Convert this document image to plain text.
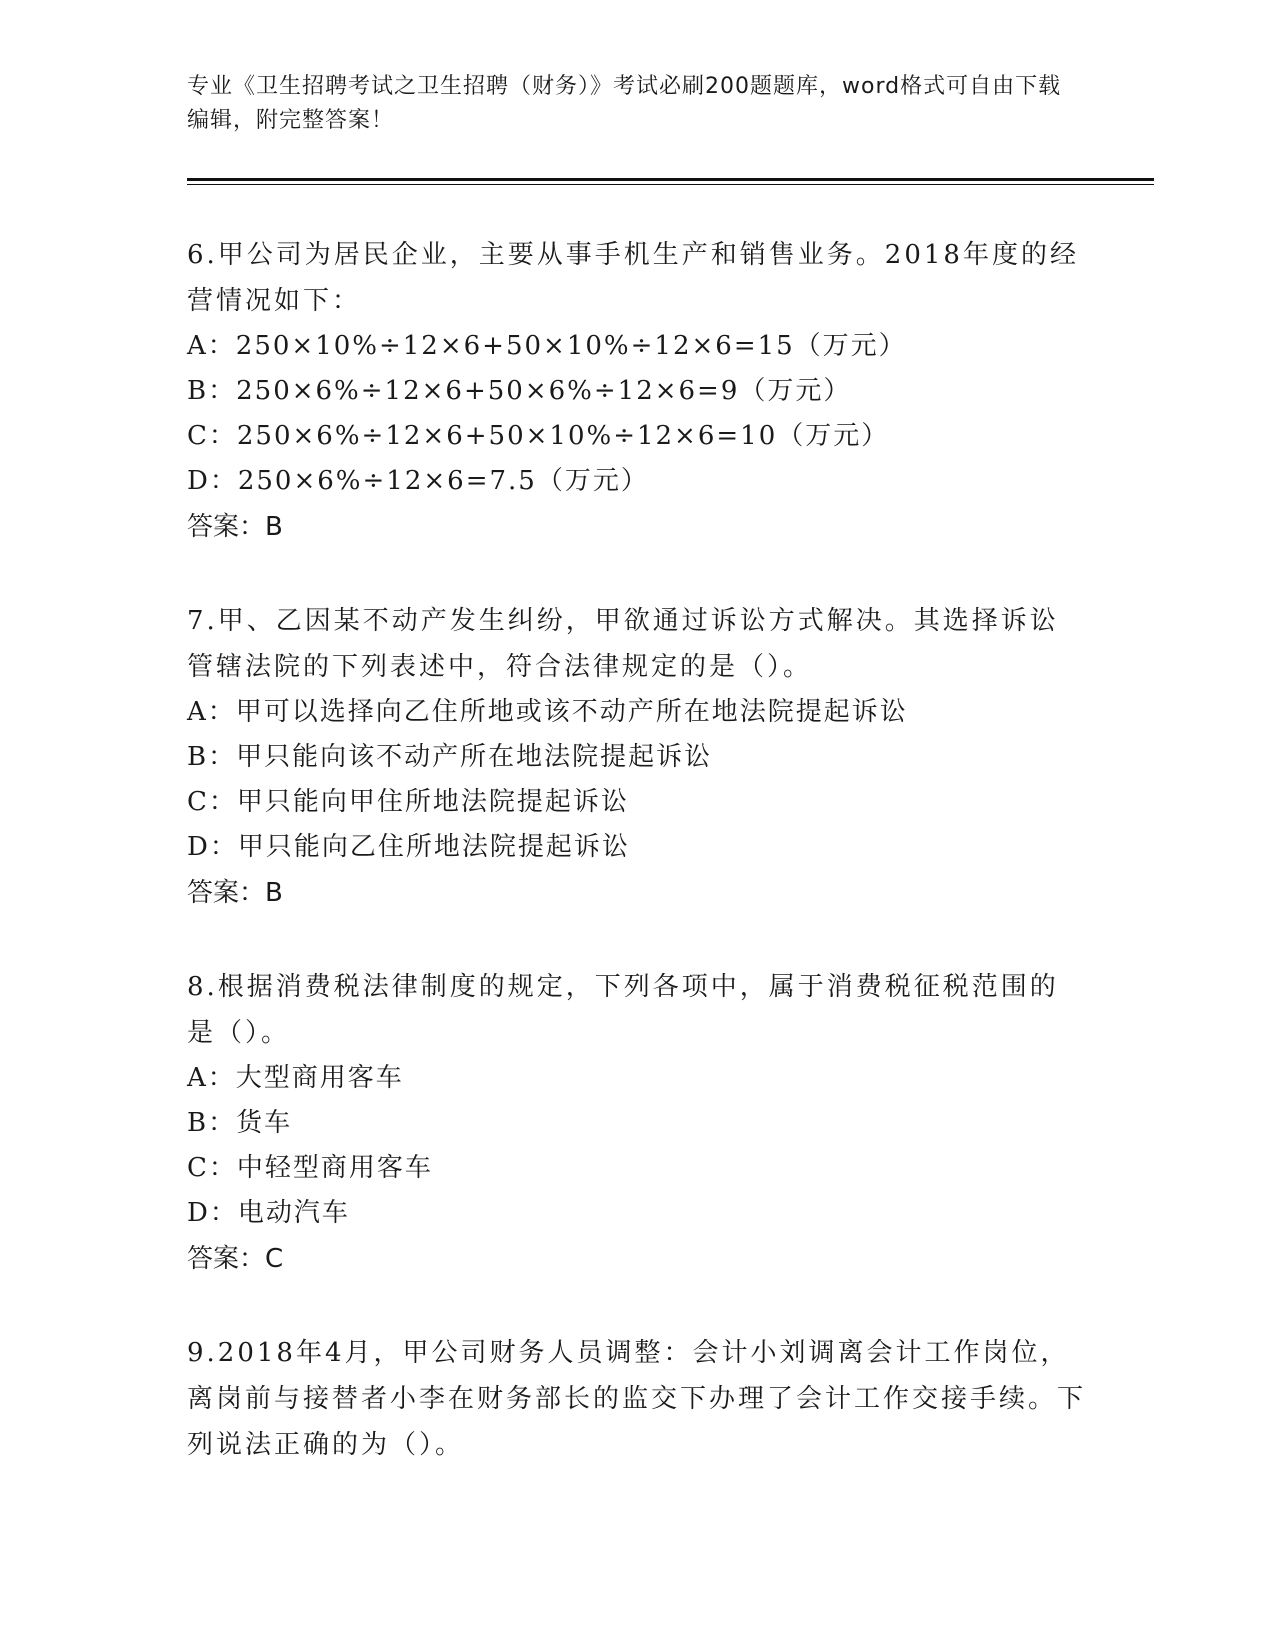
专业《卫生招聘考试之卫生招聘（财务）》考试必刷200题题库，word格式可自由下载编辑，附完整答案！
6.甲公司为居民企业，主要从事手机生产和销售业务。2018年度的经营情况如下：
A：250×10%÷12×6+50×10%÷12×6=15（万元）
B：250×6%÷12×6+50×6%÷12×6=9（万元）
C：250×6%÷12×6+50×10%÷12×6=10（万元）
D：250×6%÷12×6=7.5（万元）
答案：B
7.甲、乙因某不动产发生纠纷，甲欲通过诉讼方式解决。其选择诉讼管辖法院的下列表述中，符合法律规定的是（）。
A：甲可以选择向乙住所地或该不动产所在地法院提起诉讼
B：甲只能向该不动产所在地法院提起诉讼
C：甲只能向甲住所地法院提起诉讼
D：甲只能向乙住所地法院提起诉讼
答案：B
8.根据消费税法律制度的规定，下列各项中，属于消费税征税范围的是（）。
A：大型商用客车
B：货车
C：中轻型商用客车
D：电动汽车
答案：C
9.2018年4月，甲公司财务人员调整：会计小刘调离会计工作岗位，离岗前与接替者小李在财务部长的监交下办理了会计工作交接手续。下列说法正确的为（）。
